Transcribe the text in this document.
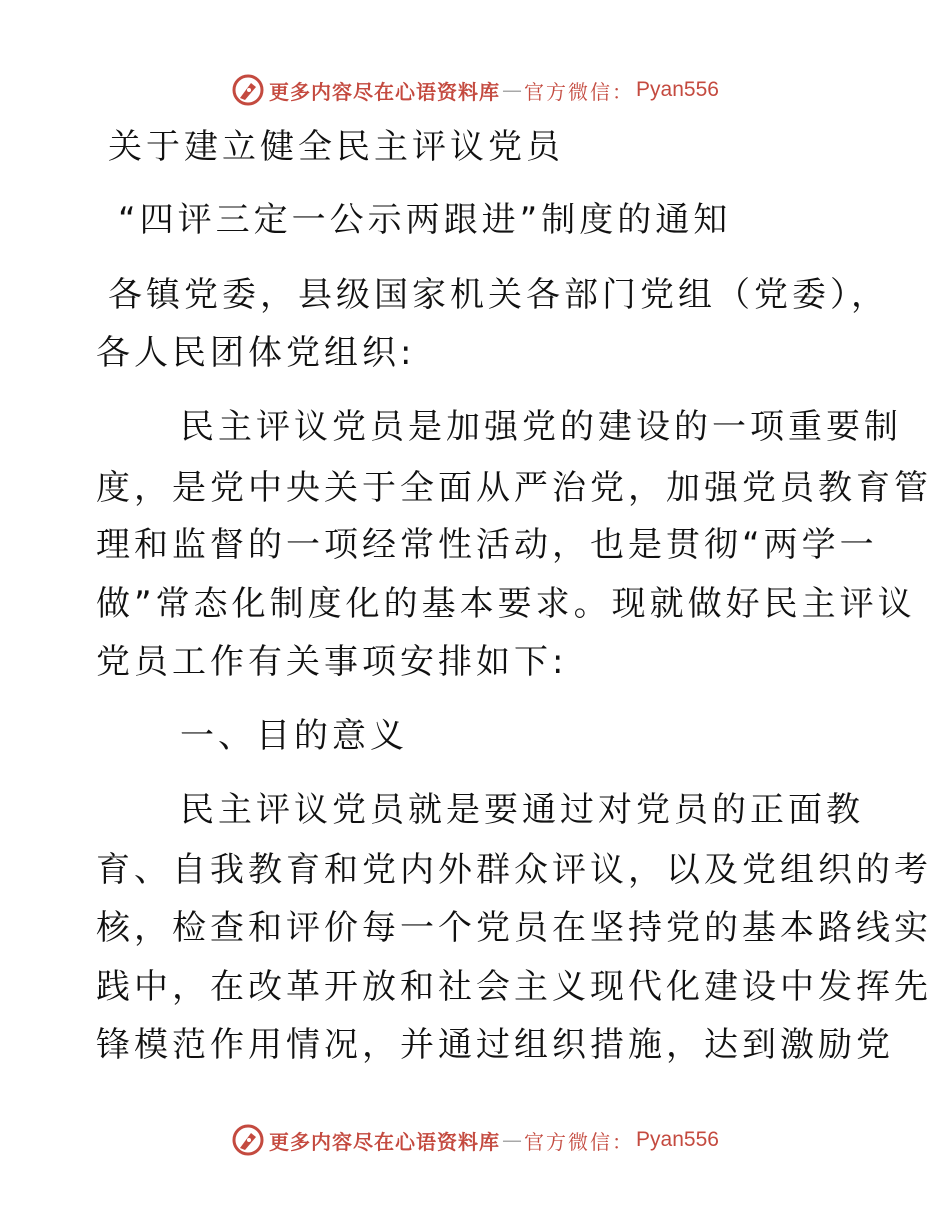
更多内容尽在心语资料库 — 官方微信： Pyan556
关于建立健全民主评议党员
“四评三定一公示两跟进”制度的通知

各镇党委，县级国家机关各部门党组（党委），

各人民团体党组织:

民主评议党员是加强党的建设的一项重要制

度，是党中央关于全面从严治党，加强党员教育管

理和监督的一项经常性活动，也是贯彻“两学一

做”常态化制度化的基本要求。现就做好民主评议

党员工作有关事项安排如下:

一、目的意义

民主评议党员就是要通过对党员的正面教

育、自我教育和党内外群众评议，以及党组织的考

核，检查和评价每一个党员在坚持党的基本路线实

践中，在改革开放和社会主义现代化建设中发挥先

锋模范作用情况，并通过组织措施，达到激励党

更多内容尽在心语资料库 — 官方微信： Pyan556
